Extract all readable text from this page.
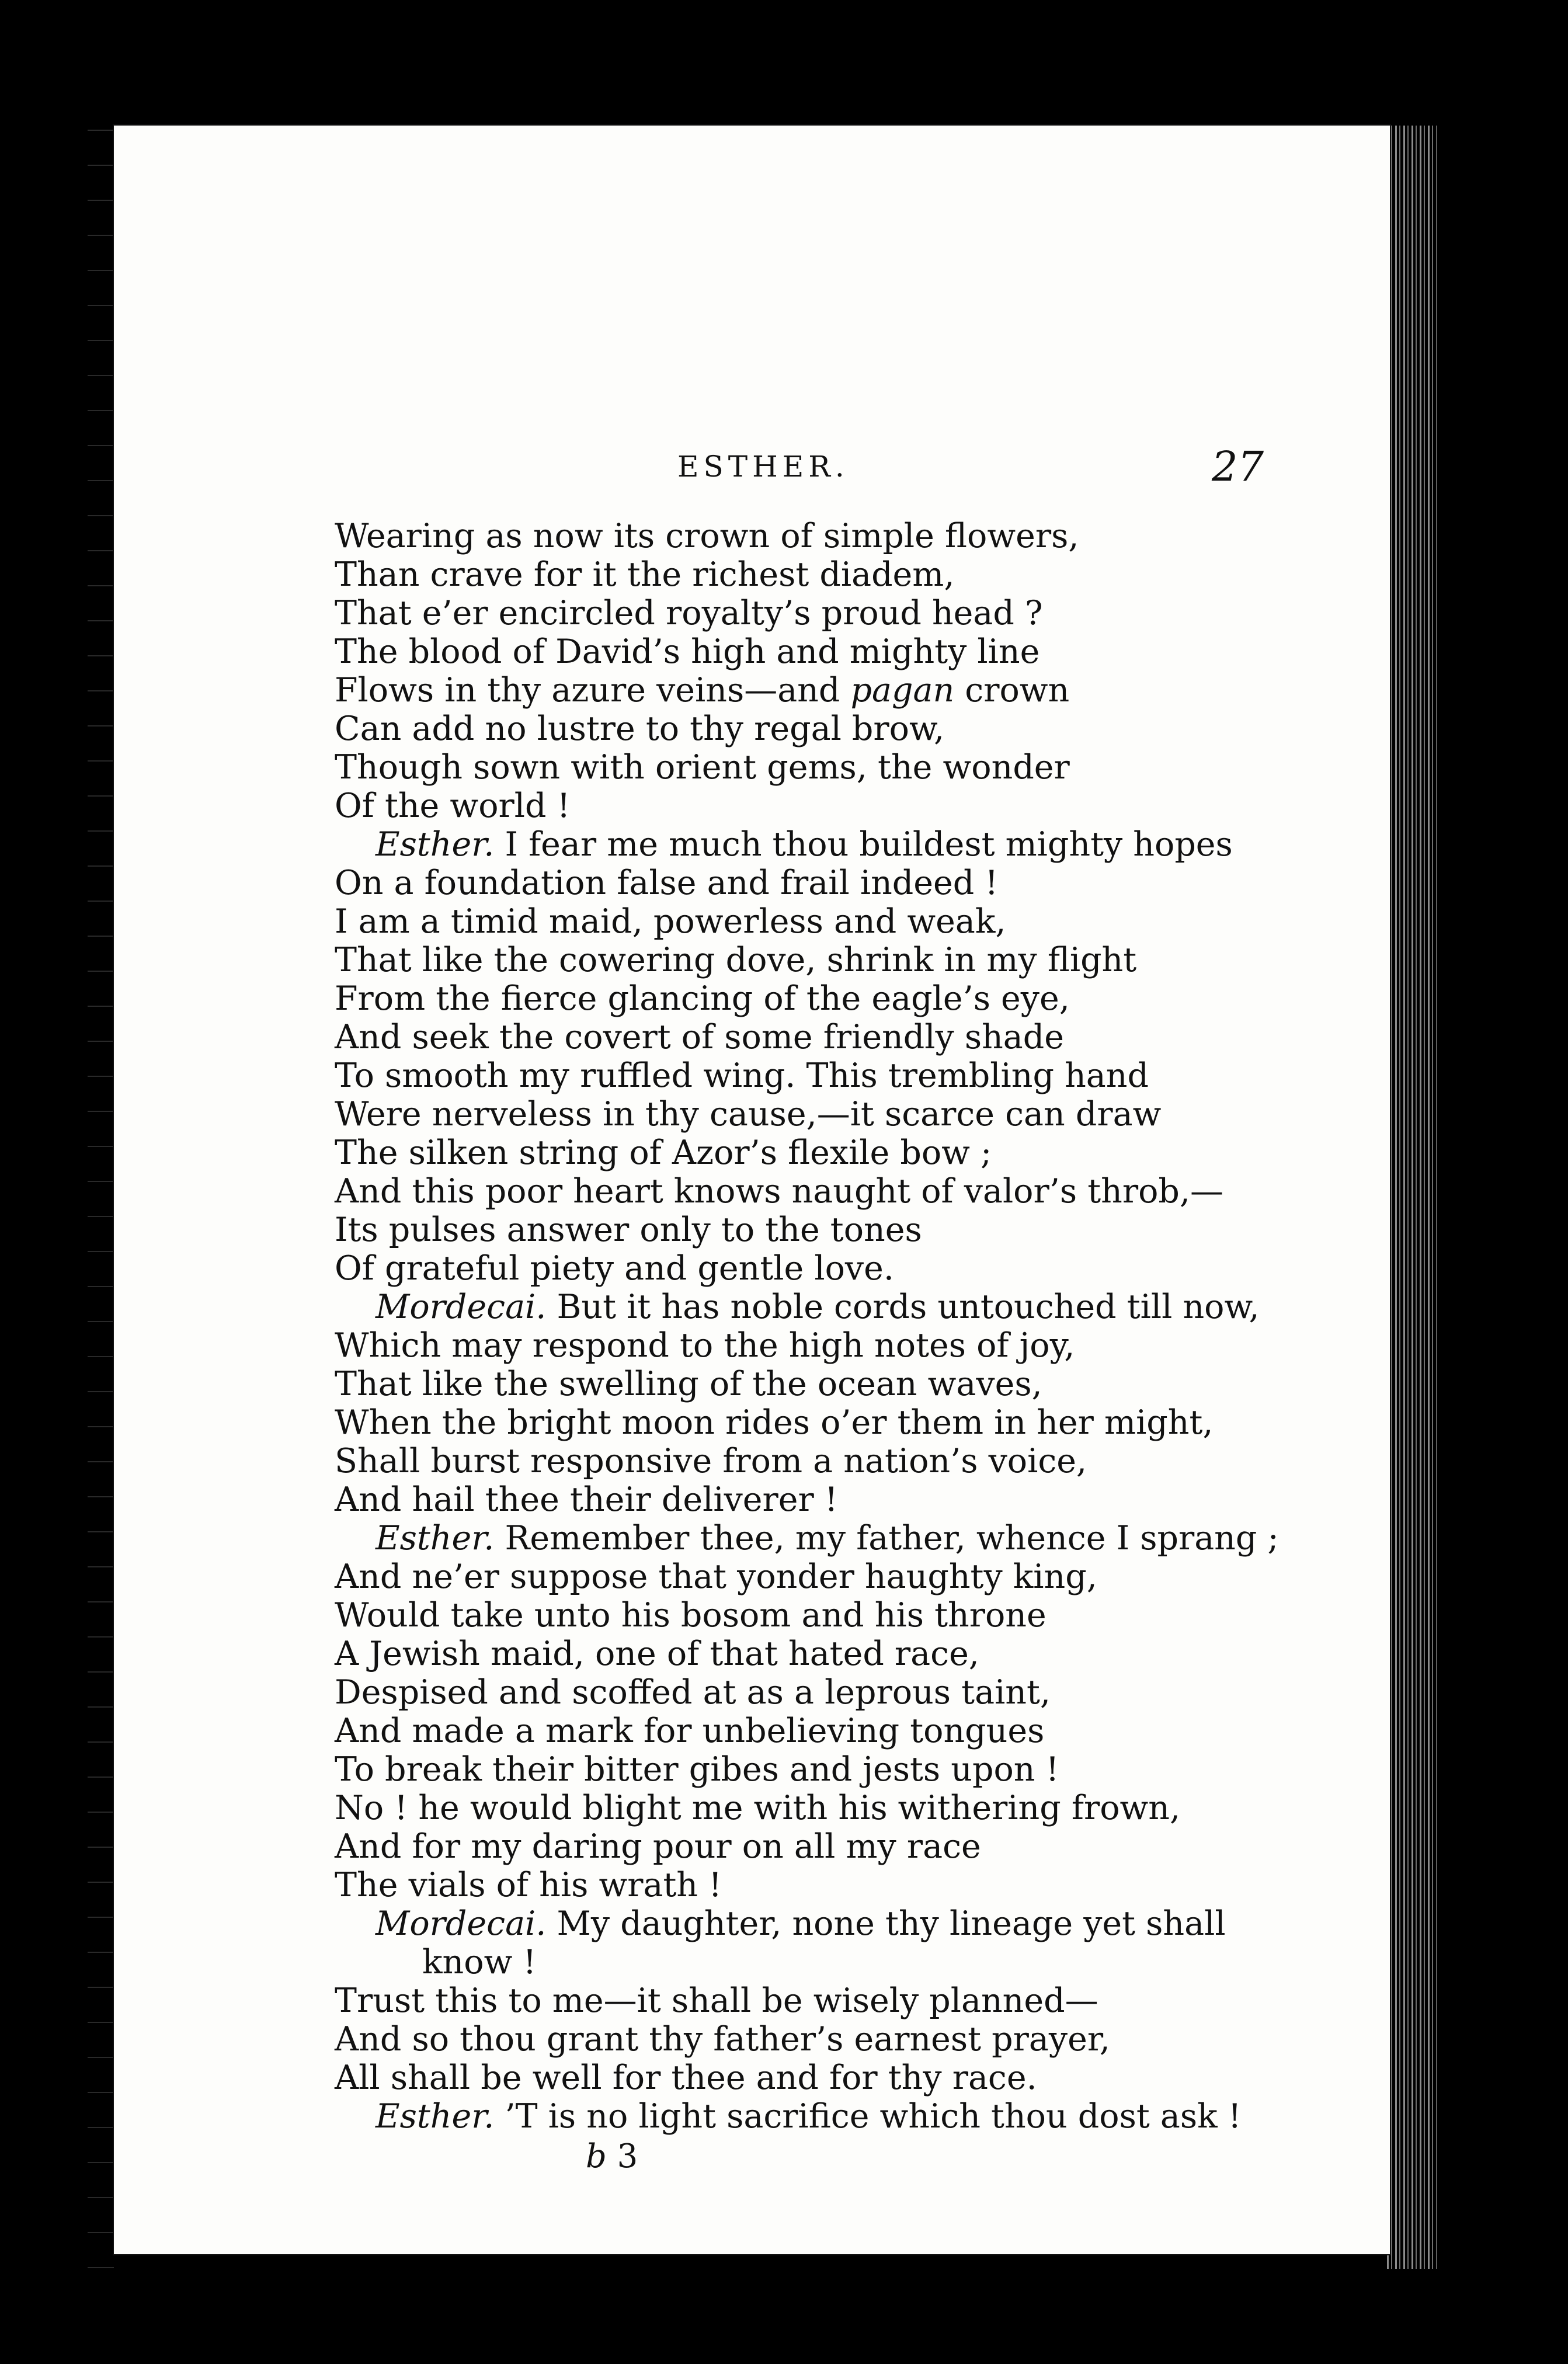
ESTHER.	27
Wearing as now its crown of simple flowers,
Than crave for it the richest diadem,
That e’er encircled royalty’s proud head ?
The blood of David’s high and mighty line
Flows in thy azure veins—and pagan crown
Can add no lustre to thy regal brow,
Though sown with orient gems, the wonder
Of the world !
Esther. I fear me much thou buildest mighty hopes
On a foundation false and frail indeed !
I am a timid maid, powerless and weak,
That like the cowering dove, shrink in my flight
From the fierce glancing of the eagle’s eye,
And seek the covert of some friendly shade
To smooth my ruffled wing. This trembling hand
Were nerveless in thy cause,—it scarce can draw
The silken string of Azor’s flexile bow ;
And this poor heart knows naught of valor’s throb,—
Its pulses answer only to the tones
Of grateful piety and gentle love.
Mordecai. But it has noble cords untouched till now,
Which may respond to the high notes of joy,
That like the swelling of the ocean waves,
When the bright moon rides o’er them in her might,
Shall burst responsive from a nation’s voice,
And hail thee their deliverer !
Esther. Remember thee, my father, whence I sprang ;
And ne’er suppose that yonder haughty king,
Would take unto his bosom and his throne
A Jewish maid, one of that hated race,
Despised and scoffed at as a leprous taint,
And made a mark for unbelieving tongues
To break their bitter gibes and jests upon !
No ! he would blight me with his withering frown,
And for my daring pour on all my race
The vials of his wrath !
Mordecai. My daughter, none thy lineage yet shall
know !
Trust this to me—it shall be wisely planned—
And so thou grant thy father’s earnest prayer,
All shall be well for thee and for thy race.
Esther. ’T is no light sacrifice which thou dost ask !
b 3
